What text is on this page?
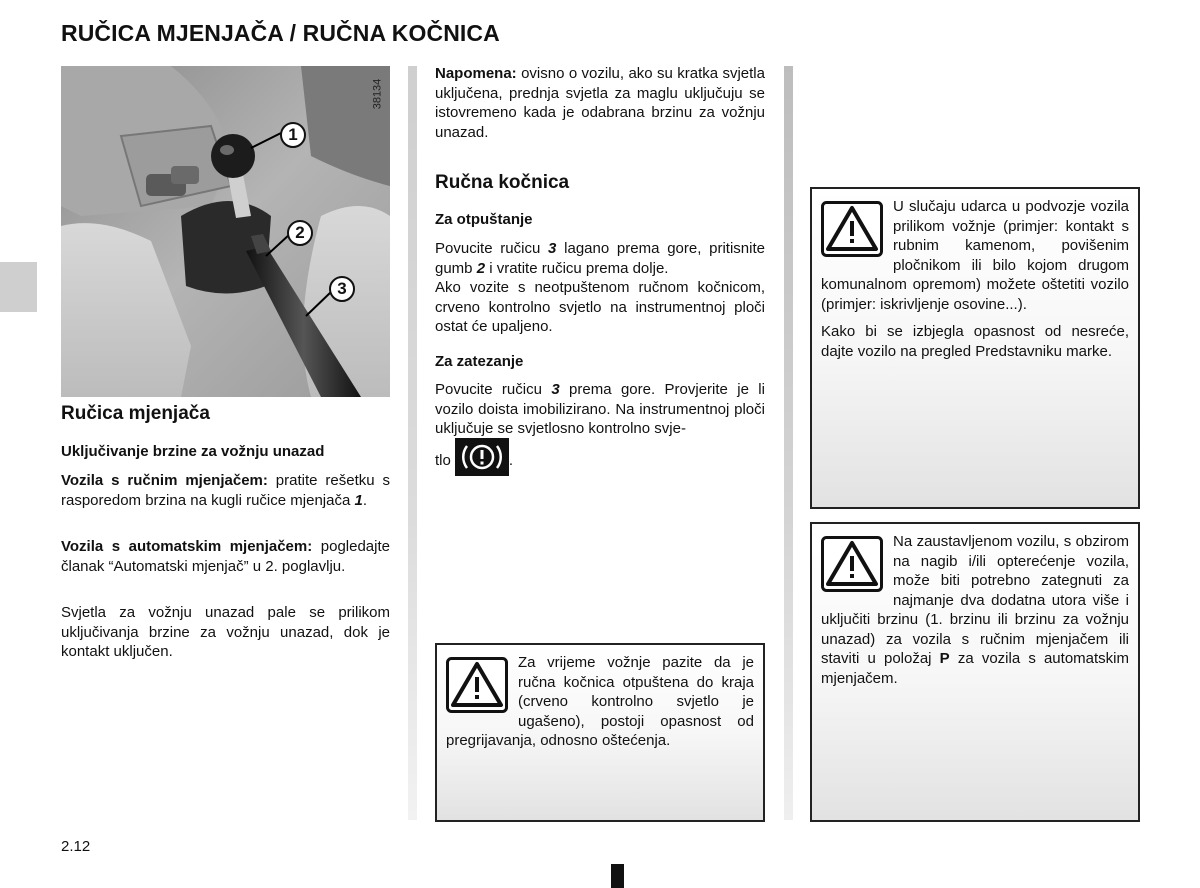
RUČICA MJENJAČA / RUČNA KOČNICA
1
2
3
38134
Ručica mjenjača
Uključivanje brzine za vožnju unazad
Vozila s ručnim mjenjačem: pratite rešetku s rasporedom brzina na kugli ručice mjenjača 1.
Vozila s automatskim mjenjačem: pogledajte članak “Automatski mjenjač” u 2. poglavlju.
Svjetla za vožnju unazad pale se prilikom uključivanja brzine za vožnju unazad, dok je kontakt uključen.
Napomena: ovisno o vozilu, ako su kratka svjetla uključena, prednja svjetla za maglu uključuju se istovremeno kada je odabrana brzinu za vožnju unazad.
Ručna kočnica
Za otpuštanje
Povucite ručicu 3 lagano prema gore, pritisnite gumb 2 i vratite ručicu prema dolje.
Ako vozite s neotpuštenom ručnom kočnicom, crveno kontrolno svjetlo na instrumentnoj ploči ostat će upaljeno.
Za zatezanje
Povucite ručicu 3 prema gore. Provjerite je li vozilo doista imobilizirano. Na instrumentnoj ploči uključuje se svjetlosno kontrolno svje-
tlo	.

Za vrijeme vožnje pazite da je ručna kočnica otpuštena do kraja (crveno kontrolno svjetlo je ugašeno), postoji opasnost od pregrijavanja, odnosno oštećenja.

U slučaju udarca u podvozje vozila prilikom vožnje (primjer: kontakt s rubnim kamenom, povišenim pločnikom ili bilo kojom drugom komunalnom opremom) možete oštetiti vozilo (primjer: iskrivljenje osovine...).

Kako bi se izbjegla opasnost od nesreće, dajte vozilo na pregled Predstavniku marke.

Na zaustavljenom vozilu, s obzirom na nagib i/ili opterećenje vozila, može biti potrebno zategnuti za najmanje dva dodatna utora više i uključiti brzinu (1. brzinu ili brzinu za vožnju unazad) za vozila s ručnim mjenjačem ili staviti u položaj P za vozila s automatskim mjenjačem.

2.12
